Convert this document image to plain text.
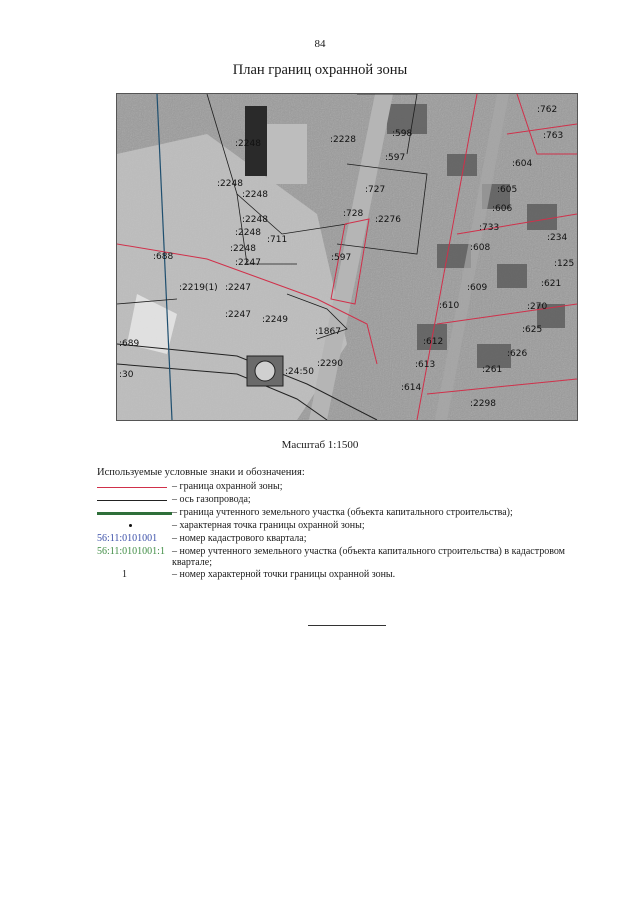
84
План границ охранной зоны
:2248	:2228
:598
:597
:2248
:2248
:2248
:2248
:2248
:711
:2247
:727
:728
:2276
:597
:688
:2247
:2247
:1867
:604
:605
:606
:733
:608
:609
:610
:612
:613
:614
:621
:270
:625
:626
:261
:234
:125
:762
:763
:2298
:689
:30
:2219(1)
:2249
:24:50
:2290
Масштаб 1:1500
Используемые условные знаки и обозначения:
– граница охранной зоны;
– ось газопровода;
– граница учтенного земельного участка (объекта капитального строительства);
– характерная точка границы охранной зоны;
56:11:0101001	– номер кадастрового квартала;
56:11:0101001:1 – номер учтенного земельного участка (объекта капитального строительства) в кадастровом квартале;
1	– номер характерной точки границы охранной зоны.
